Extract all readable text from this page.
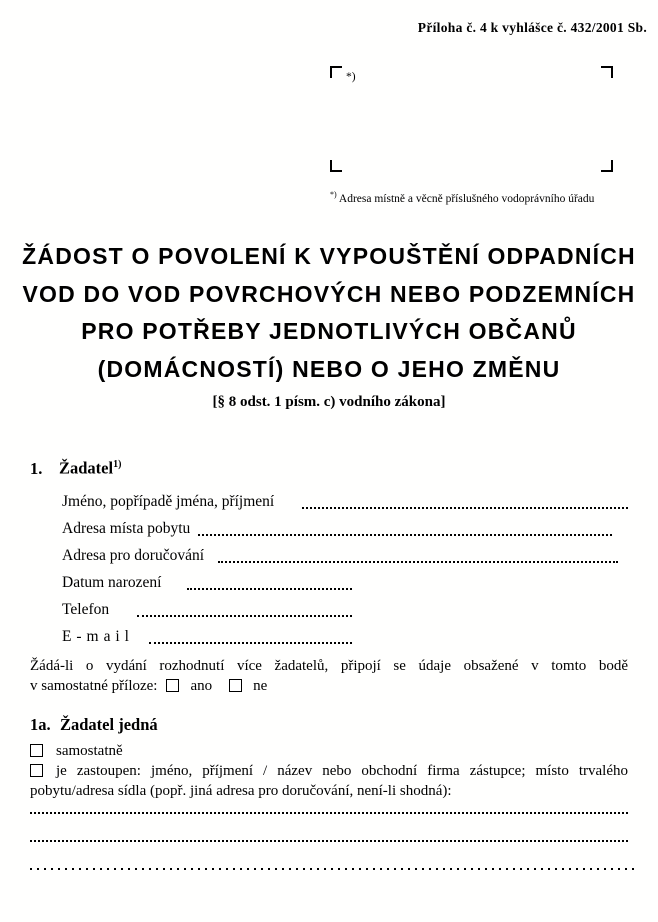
Příloha č. 4 k vyhlášce č. 432/2001 Sb.
*)
*) Adresa místně a věcně příslušného vodoprávního úřadu
ŽÁDOST O POVOLENÍ K VYPOUŠTĚNÍ ODPADNÍCH
VOD DO VOD POVRCHOVÝCH NEBO PODZEMNÍCH
PRO POTŘEBY JEDNOTLIVÝCH OBČANŮ
(DOMÁCNOSTÍ) NEBO O JEHO ZMĚNU
[§ 8 odst. 1 písm. c) vodního zákona]
1. Žadatel$^{1)}$
Jméno, popřípadě jména, příjmení
Adresa místa pobytu
Adresa pro doručování
Datum narození
Telefon
E-mail
Žádá-li o vydání rozhodnutí více žadatelů, připojí se údaje obsažené v tomto bodě
v samostatné příloze: ano	ne
1a. Žadatel jedná
samostatně
je zastoupen: jméno, příjmení / název nebo obchodní firma zástupce; místo trvalého
pobytu/adresa sídla (popř. jiná adresa pro doručování, není-li shodná):
